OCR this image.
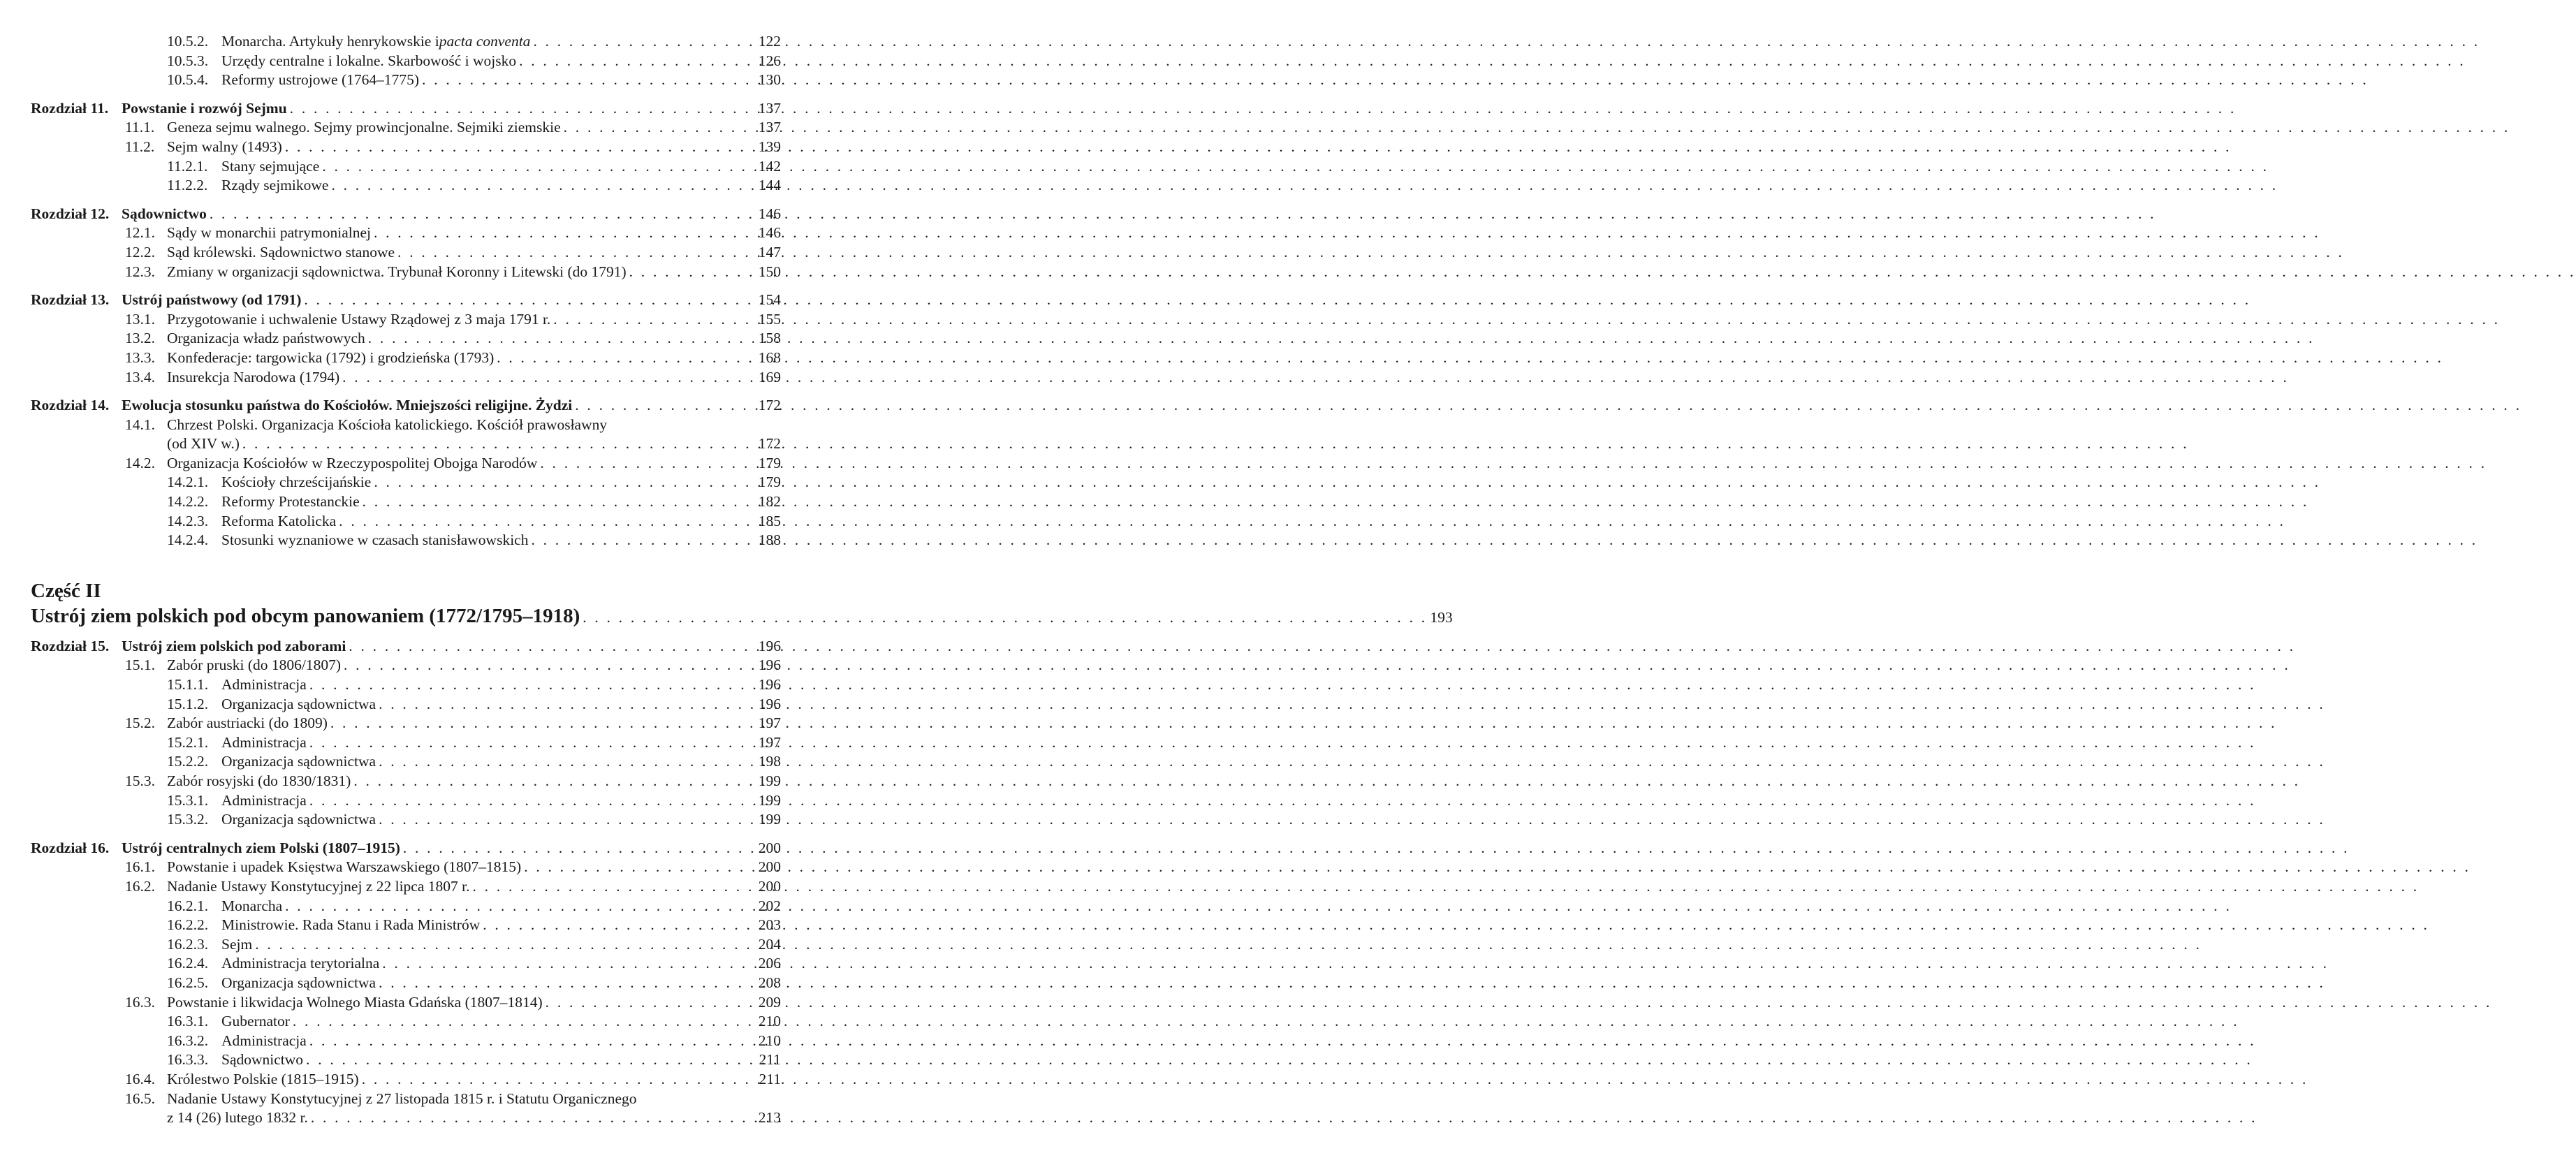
10.5.2. Monarcha. Artykuły henrykowskie i pacta conventa . . .	122
10.5.3. Urzędy centralne i lokalne. Skarbowość i wojsko . . .	126
10.5.4. Reformy ustrojowe (1764–1775) . . .	130
Rozdział 11. Powstanie i rozwój Sejmu . . .	137
11.1. Geneza sejmu walnego. Sejmy prowincjonalne. Sejmiki ziemskie . . .	137
11.2. Sejm walny (1493) . . .	139
11.2.1. Stany sejmujące . . .	142
11.2.2. Rządy sejmikowe . . .	144
Rozdział 12. Sądownictwo . . .	146
12.1. Sądy w monarchii patrymonialnej . . .	146
12.2. Sąd królewski. Sądownictwo stanowe . . .	147
12.3. Zmiany w organizacji sądownictwa. Trybunał Koronny i Litewski (do 1791) . . .	150
Rozdział 13. Ustrój państwowy (od 1791) . . .	154
13.1. Przygotowanie i uchwalenie Ustawy Rządowej z 3 maja 1791 r. . . .	155
13.2. Organizacja władz państwowych . . .	158
13.3. Konfederacje: targowicka (1792) i grodzieńska (1793) . . .	168
13.4. Insurekcja Narodowa (1794) . . .	169
Rozdział 14. Ewolucja stosunku państwa do Kościołów. Mniejszości religijne. Żydzi . . .	172
14.1. Chrzest Polski. Organizacja Kościoła katolickiego. Kościół prawosławny
(od XIV w.) . . .	172
14.2. Organizacja Kościołów w Rzeczypospolitej Obojga Narodów . . .	179
14.2.1. Kościoły chrześcijańskie . . .	179
14.2.2. Reformy Protestanckie . . .	182
14.2.3. Reforma Katolicka . . .	185
14.2.4. Stosunki wyznaniowe w czasach stanisławowskich . . .	188
Część II
Ustrój ziem polskich pod obcym panowaniem (1772/1795–1918) . . .	193
Rozdział 15. Ustrój ziem polskich pod zaborami . . .	196
15.1. Zabór pruski (do 1806/1807) . . .	196
15.1.1. Administracja . . .	196
15.1.2. Organizacja sądownictwa . . .	196
15.2. Zabór austriacki (do 1809) . . .	197
15.2.1. Administracja . . .	197
15.2.2. Organizacja sądownictwa . . .	198
15.3. Zabór rosyjski (do 1830/1831) . . .	199
15.3.1. Administracja . . .	199
15.3.2. Organizacja sądownictwa . . .	199
Rozdział 16. Ustrój centralnych ziem Polski (1807–1915) . . .	200
16.1. Powstanie i upadek Księstwa Warszawskiego (1807–1815) . . .	200
16.2. Nadanie Ustawy Konstytucyjnej z 22 lipca 1807 r. . . .	200
16.2.1. Monarcha . . .	202
16.2.2. Ministrowie. Rada Stanu i Rada Ministrów . . .	203
16.2.3. Sejm . . .	204
16.2.4. Administracja terytorialna . . .	206
16.2.5. Organizacja sądownictwa . . .	208
16.3. Powstanie i likwidacja Wolnego Miasta Gdańska (1807–1814) . . .	209
16.3.1. Gubernator . . .	210
16.3.2. Administracja . . .	210
16.3.3. Sądownictwo . . .	211
16.4. Królestwo Polskie (1815–1915) . . .	211
16.5. Nadanie Ustawy Konstytucyjnej z 27 listopada 1815 r. i Statutu Organicznego
z 14 (26) lutego 1832 r. . . .	213
